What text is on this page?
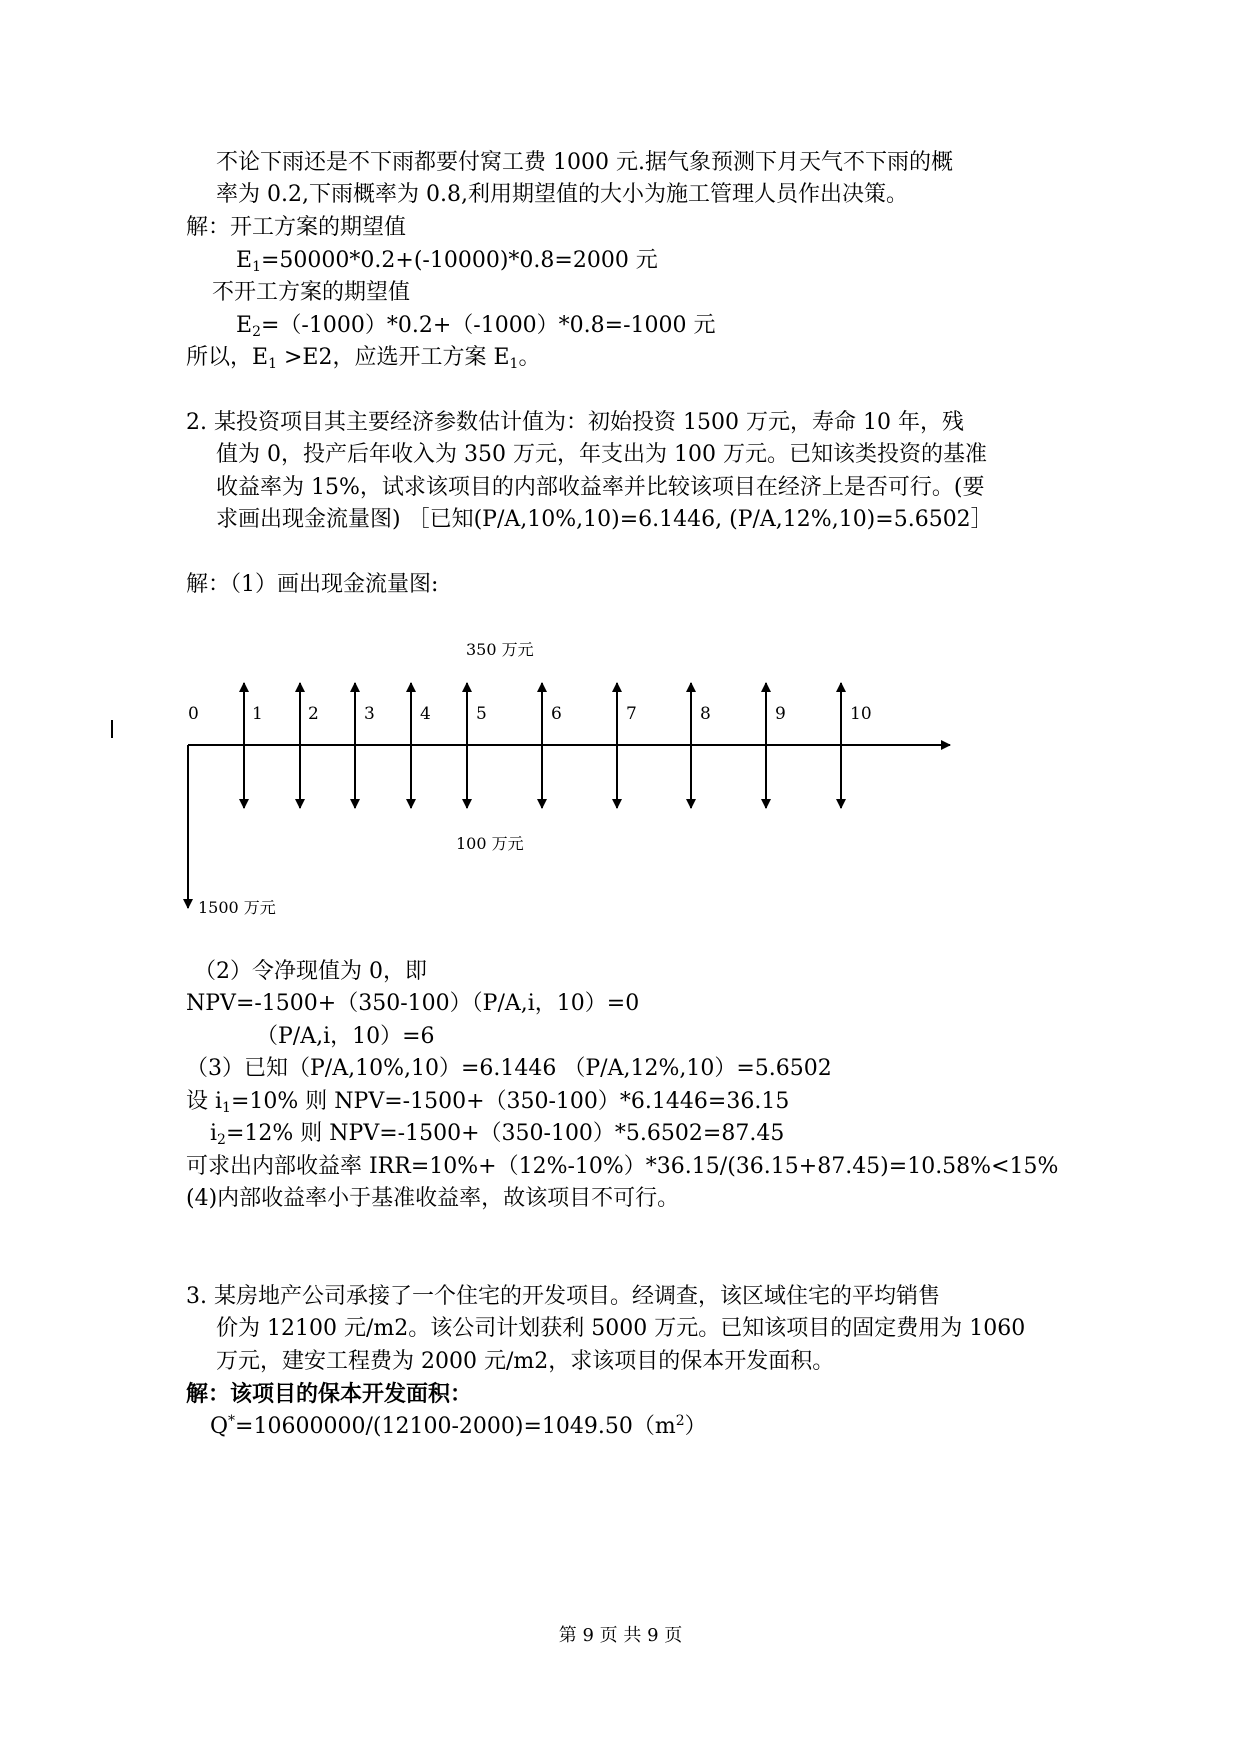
不论下雨还是不下雨都要付窝工费 1000 元.据气象预测下月天气不下雨的概
率为 0.2,下雨概率为 0.8,利用期望值的大小为施工管理人员作出决策。
解：开工方案的期望值
$E_1=50000*0.2+(-10000)*0.8=2000$ 元
不开工方案的期望值
$E_2=(-1000)*0.2+(-1000)*0.8=-1000$ 元
所以，$E_1 >E2$，应选开工方案 $E_1$。
2. 某投资项目其主要经济参数估计值为：初始投资 1500 万元，寿命 10 年，残
值为 0，投产后年收入为 350 万元，年支出为 100 万元。已知该类投资的基准
收益率为 15%，试求该项目的内部收益率并比较该项目在经济上是否可行。(要
求画出现金流量图) ［已知(P/A,10%,10)=6.1446, (P/A,12%,10)=5.6502］
解：（1）画出现金流量图:
350 万元
100 万元
1500 万元
0	1	2	3	4	5	6	7	8	9	10
（2）令净现值为 0，即
NPV=-1500+（350-100）（P/A,i，10）=0
（P/A,i，10）=6
（3）已知（P/A,10%,10）=6.1446 （P/A,12%,10）=5.6502
设 $i_1=10\%$ 则 NPV=-1500+（350-100）*6.1446=36.15
$i_2=12\%$ 则 NPV=-1500+（350-100）*5.6502=87.45
可求出内部收益率 IRR=10%+（12%-10%）*36.15/(36.15+87.45)=10.58%<15%
(4)内部收益率小于基准收益率，故该项目不可行。
3. 某房地产公司承接了一个住宅的开发项目。经调查，该区域住宅的平均销售
价为 12100 元/m2。该公司计划获利 5000 万元。已知该项目的固定费用为 1060
万元，建安工程费为 2000 元/m2，求该项目的保本开发面积。
解：该项目的保本开发面积：
$Q^*=10600000/(12100-2000)=1049.50(m^2)$
第 9 页 共 9 页
